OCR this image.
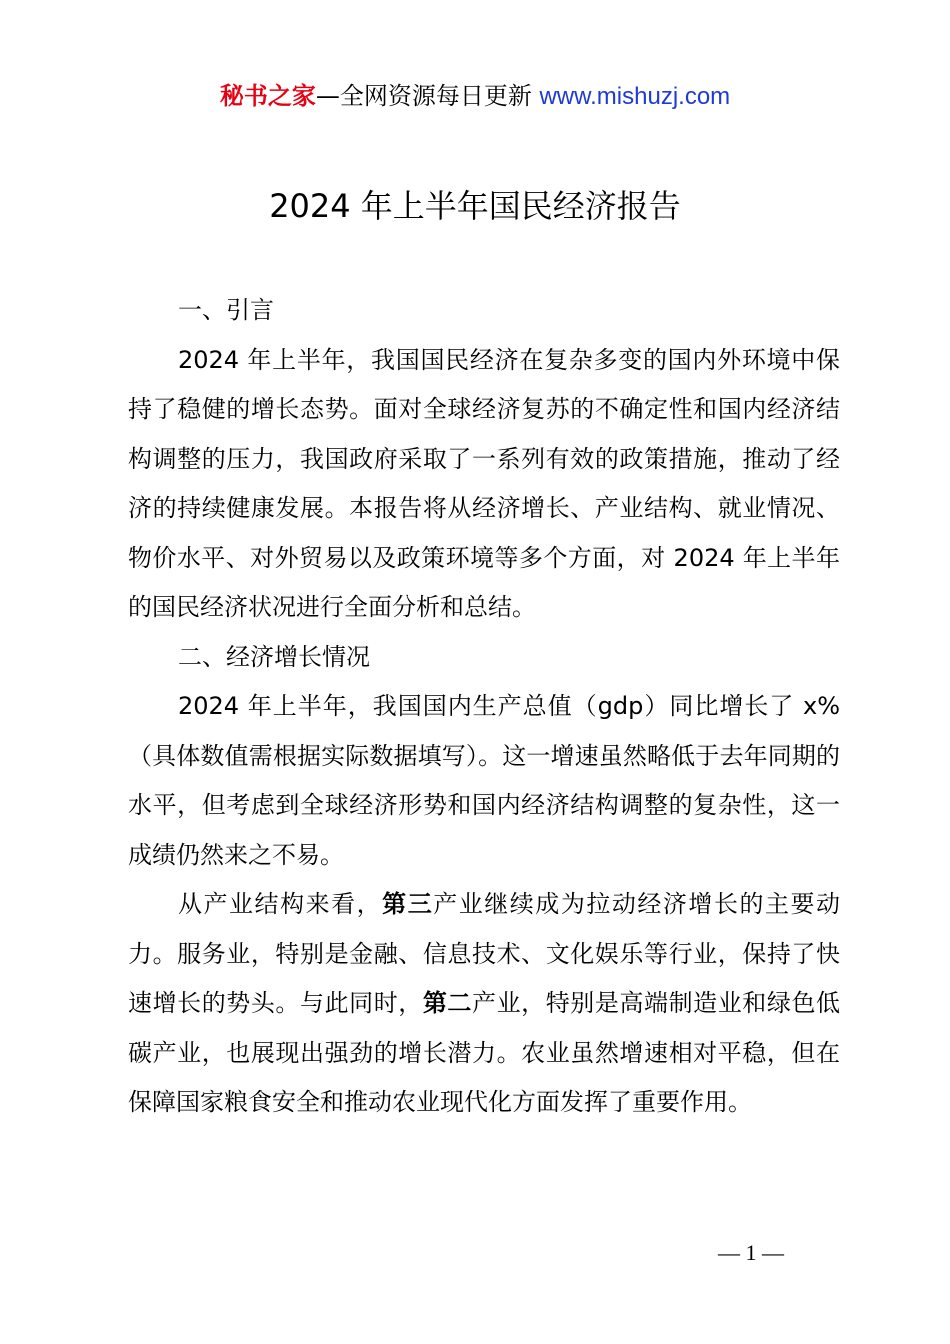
秘书之家—全网资源每日更新 www.mishuzj.com
2024 年上半年国民经济报告

一、引言

2024 年上半年，我国国民经济在复杂多变的国内外环境中保持了稳健的增长态势。面对全球经济复苏的不确定性和国内经济结构调整的压力，我国政府采取了一系列有效的政策措施，推动了经济的持续健康发展。本报告将从经济增长、产业结构、就业情况、物价水平、对外贸易以及政策环境等多个方面，对 2024 年上半年的国民经济状况进行全面分析和总结。

二、经济增长情况

2024 年上半年，我国国内生产总值（gdp）同比增长了 x%（具体数值需根据实际数据填写）。这一增速虽然略低于去年同期的水平，但考虑到全球经济形势和国内经济结构调整的复杂性，这一成绩仍然来之不易。

从产业结构来看，第三产业继续成为拉动经济增长的主要动力。服务业，特别是金融、信息技术、文化娱乐等行业，保持了快速增长的势头。与此同时，第二产业，特别是高端制造业和绿色低碳产业，也展现出强劲的增长潜力。农业虽然增速相对平稳，但在保障国家粮食安全和推动农业现代化方面发挥了重要作用。

— 1 —
